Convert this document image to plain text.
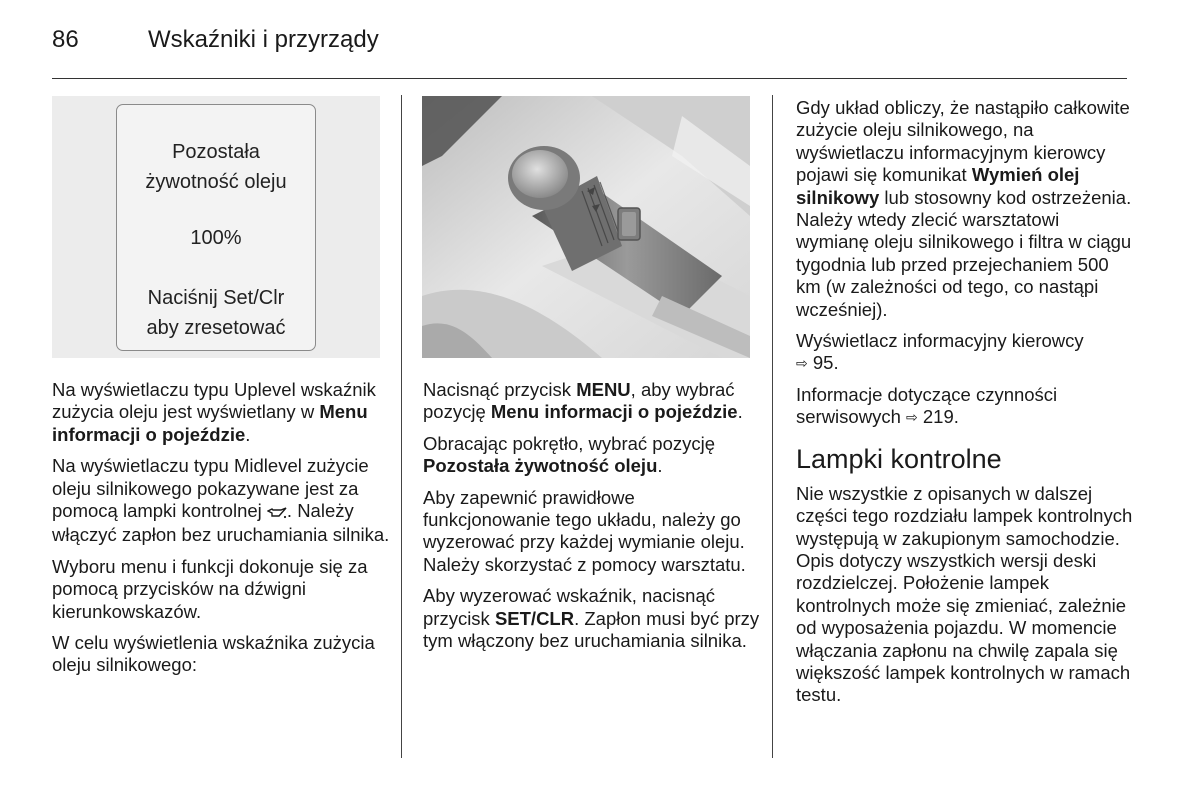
86	Wskaźniki i przyrządy
Pozostała
żywotność oleju
100%
Naciśnij Set/Clr
aby zresetować

Na wyświetlaczu typu Uplevel wskaźnik zużycia oleju jest wyświetlany w Menu informacji o pojeździe.

Na wyświetlaczu typu Midlevel zużycie oleju silnikowego pokazywane jest za pomocą lampki kontrolnej . Należy włączyć zapłon bez uruchamiania silnika.

Wyboru menu i funkcji dokonuje się za pomocą przycisków na dźwigni kierunkowskazów.

W celu wyświetlenia wskaźnika zużycia oleju silnikowego:

Nacisnąć przycisk MENU, aby wybrać pozycję Menu informacji o pojeździe.

Obracając pokrętło, wybrać pozycję Pozostała żywotność oleju.

Aby zapewnić prawidłowe funkcjonowanie tego układu, należy go wyzerować przy każdej wymianie oleju. Należy skorzystać z pomocy warsztatu.

Aby wyzerować wskaźnik, nacisnąć przycisk SET/CLR. Zapłon musi być przy tym włączony bez uruchamiania silnika.

Gdy układ obliczy, że nastąpiło całkowite zużycie oleju silnikowego, na wyświetlaczu informacyjnym kierowcy pojawi się komunikat Wymień olej silnikowy lub stosowny kod ostrzeżenia. Należy wtedy zlecić warsztatowi wymianę oleju silnikowego i filtra w ciągu tygodnia lub przed przejechaniem 500 km (w zależności od tego, co nastąpi wcześniej).

Wyświetlacz informacyjny kierowcy
⇨ 95.

Informacje dotyczące czynności serwisowych ⇨ 219.

Lampki kontrolne

Nie wszystkie z opisanych w dalszej części tego rozdziału lampek kontrolnych występują w zakupionym samochodzie. Opis dotyczy wszystkich wersji deski rozdzielczej. Położenie lampek kontrolnych może się zmieniać, zależnie od wyposażenia pojazdu. W momencie włączania zapłonu na chwilę zapala się większość lampek kontrolnych w ramach testu.
